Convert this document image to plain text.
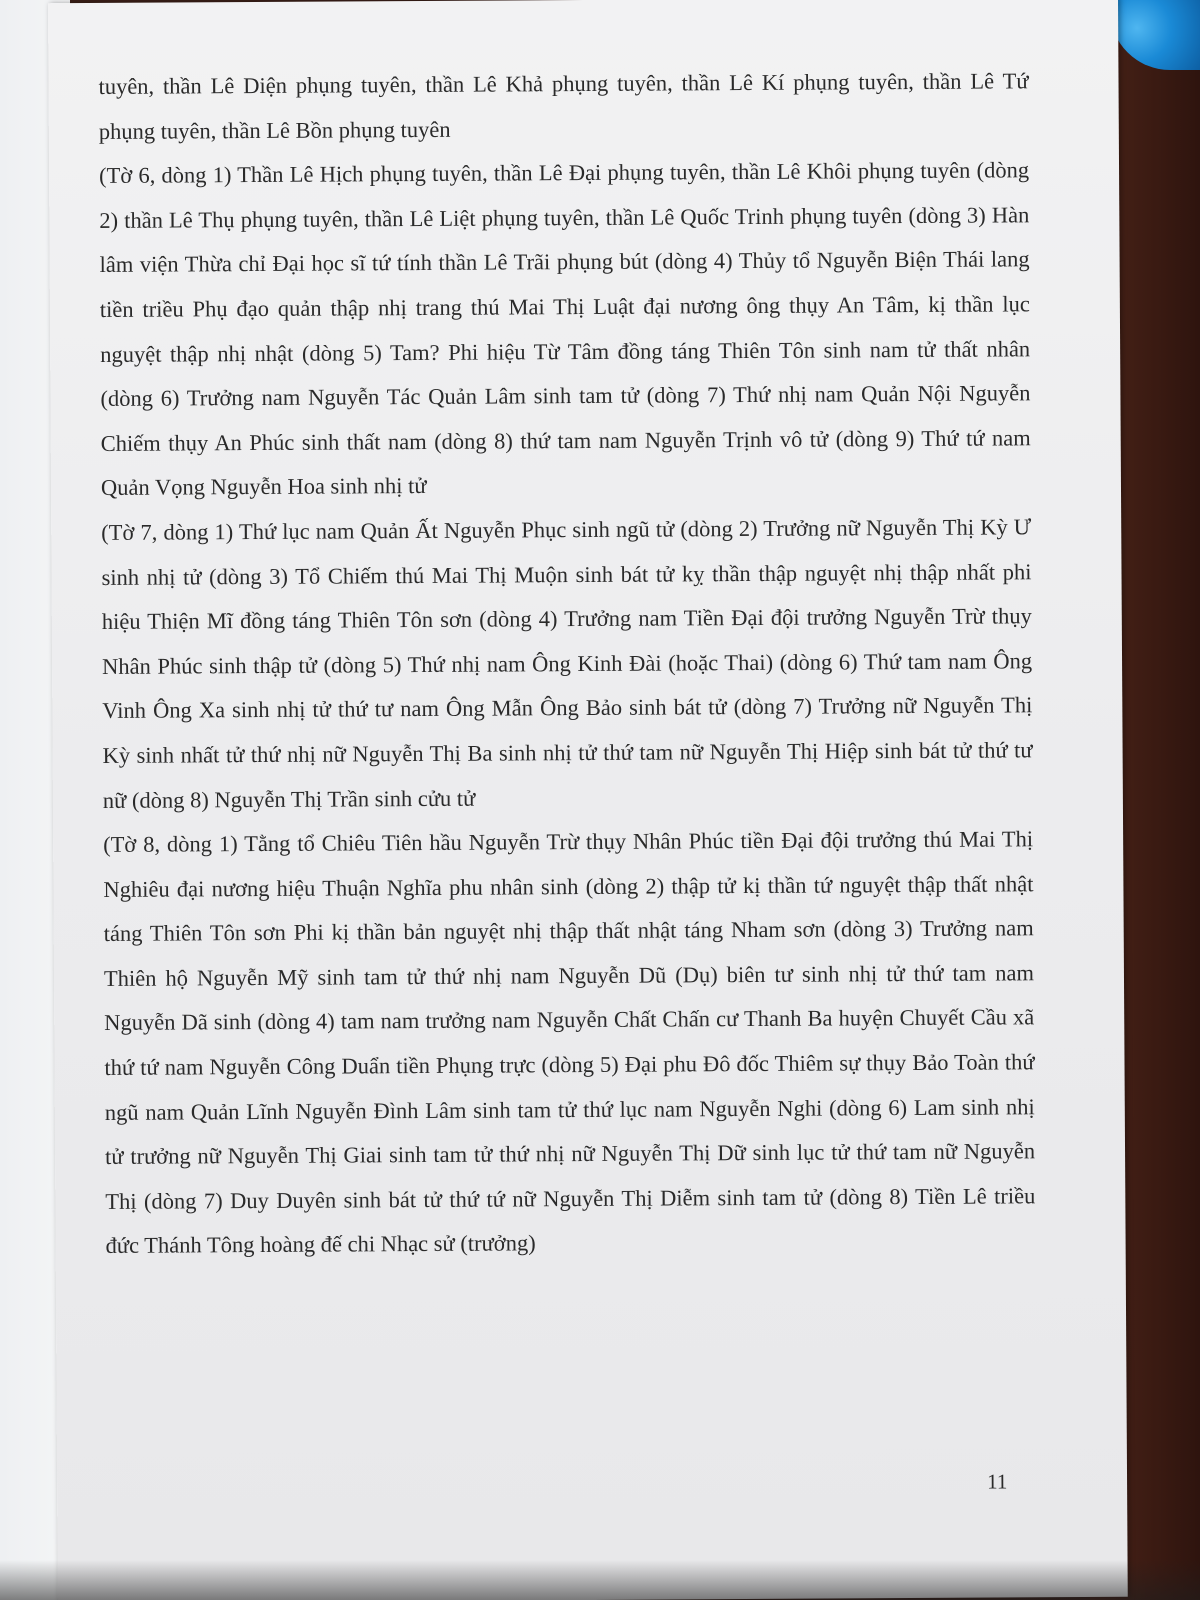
tuyên, thần Lê Diện phụng tuyên, thần Lê Khả phụng tuyên, thần Lê Kí phụng tuyên, thần Lê Tứ phụng tuyên, thần Lê Bồn phụng tuyên

(Tờ 6, dòng 1) Thần Lê Hịch phụng tuyên, thần Lê Đại phụng tuyên, thần Lê Khôi phụng tuyên (dòng 2) thần Lê Thụ phụng tuyên, thần Lê Liệt phụng tuyên, thần Lê Quốc Trinh phụng tuyên (dòng 3) Hàn lâm viện Thừa chỉ Đại học sĩ tứ tính thần Lê Trãi phụng bút (dòng 4) Thủy tổ Nguyễn Biện Thái lang tiền triều Phụ đạo quản thập nhị trang thú Mai Thị Luật đại nương ông thụy An Tâm, kị thần lục nguyệt thập nhị nhật (dòng 5) Tam? Phi hiệu Từ Tâm đồng táng Thiên Tôn sinh nam tử thất nhân (dòng 6) Trưởng nam Nguyễn Tác Quản Lâm sinh tam tử (dòng 7) Thứ nhị nam Quản Nội Nguyễn Chiếm thụy An Phúc sinh thất nam (dòng 8) thứ tam nam Nguyễn Trịnh vô tử (dòng 9) Thứ tứ nam Quản Vọng Nguyễn Hoa sinh nhị tử

(Tờ 7, dòng 1) Thứ lục nam Quản Ất Nguyễn Phục sinh ngũ tử (dòng 2) Trưởng nữ Nguyễn Thị Kỳ Ư sinh nhị tử (dòng 3) Tổ Chiếm thú Mai Thị Muộn sinh bát tử kỵ thần thập nguyệt nhị thập nhất phi hiệu Thiện Mĩ đồng táng Thiên Tôn sơn (dòng 4) Trưởng nam Tiền Đại đội trưởng Nguyễn Trừ thụy Nhân Phúc sinh thập tử (dòng 5) Thứ nhị nam Ông Kinh Đài (hoặc Thai) (dòng 6) Thứ tam nam Ông Vinh Ông Xa sinh nhị tử thứ tư nam Ông Mẫn Ông Bảo sinh bát tử (dòng 7) Trưởng nữ Nguyễn Thị Kỳ sinh nhất tử thứ nhị nữ Nguyễn Thị Ba sinh nhị tử thứ tam nữ Nguyễn Thị Hiệp sinh bát tử thứ tư nữ (dòng 8) Nguyễn Thị Trần sinh cửu tử

(Tờ 8, dòng 1) Tằng tổ Chiêu Tiên hầu Nguyễn Trừ thụy Nhân Phúc tiền Đại đội trưởng thú Mai Thị Nghiêu đại nương hiệu Thuận Nghĩa phu nhân sinh (dòng 2) thập tử kị thần tứ nguyệt thập thất nhật táng Thiên Tôn sơn Phi kị thần bản nguyệt nhị thập thất nhật táng Nham sơn (dòng 3) Trưởng nam Thiên hộ Nguyễn Mỹ sinh tam tử thứ nhị nam Nguyễn Dũ (Dụ) biên tư sinh nhị tử thứ tam nam Nguyễn Dã sinh (dòng 4) tam nam trưởng nam Nguyễn Chất Chấn cư Thanh Ba huyện Chuyết Cầu xã thứ tứ nam Nguyễn Công Duẩn tiền Phụng trực (dòng 5) Đại phu Đô đốc Thiêm sự thụy Bảo Toàn thứ ngũ nam Quản Lĩnh Nguyễn Đình Lâm sinh tam tử thứ lục nam Nguyễn Nghi (dòng 6) Lam sinh nhị tử trưởng nữ Nguyễn Thị Giai sinh tam tử thứ nhị nữ Nguyễn Thị Dữ sinh lục tử thứ tam nữ Nguyễn Thị (dòng 7) Duy Duyên sinh bát tử thứ tứ nữ Nguyễn Thị Diễm sinh tam tử (dòng 8) Tiền Lê triều đức Thánh Tông hoàng đế chi Nhạc sử (trưởng)

11
